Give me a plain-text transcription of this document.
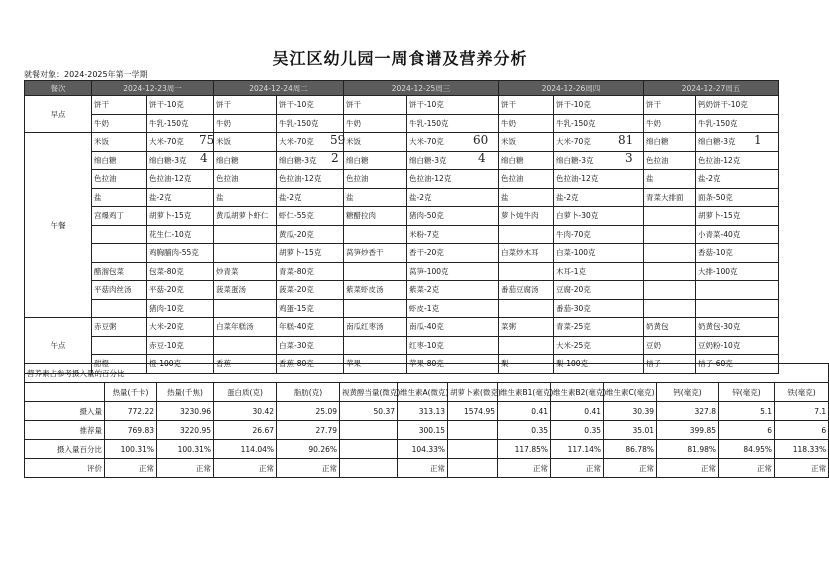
吴江区幼儿园一周食谱及营养分析
就餐对象：2024-2025年第一学期
餐次	2024-12-23周一		2024-12-24周二		2024-12-25周三		2024-12-26周四		2024-12-27周五	
早点	饼干	饼干-10克	饼干	饼干-10克	饼干	饼干-10克	饼干	饼干-10克	饼干	钙奶饼干-10克
	牛奶	牛乳-150克	牛奶	牛乳-150克	牛奶	牛乳-150克	牛奶	牛乳-150克	牛奶	牛乳-150克
午餐	米饭	大米-70克	米饭	大米-70克	米饭	大米-70克	米饭	大米-70克	绵白糖	绵白糖-3克
	绵白糖	绵白糖-3克	绵白糖	绵白糖-3克	绵白糖	绵白糖-3克	绵白糖	绵白糖-3克	色拉油	色拉油-12克
	色拉油	色拉油-12克	色拉油	色拉油-12克	色拉油	色拉油-12克	色拉油	色拉油-12克	盐	盐-2克
	盐	盐-2克	盐	盐-2克	盐	盐-2克	盐	盐-2克	青菜大排面	面条-50克
	宫爆鸡丁	胡萝卜-15克	黄瓜胡萝卜虾仁	虾仁-55克	糖醋拉肉	猪肉-50克	萝卜炖牛肉	白萝卜-30克		胡萝卜-15克
		花生仁-10克		黄瓜-20克		米粉-7克		牛肉-70克		小青菜-40克
		鸡胸脯肉-55克		胡萝卜-15克	莴笋炒香干	香干-20克	白菜炒木耳	白菜-100克		香菇-10克
	醋溜包菜	包菜-80克	炒青菜	青菜-80克		莴笋-100克		木耳-1克		大排-100克
	平菇肉丝汤	平菇-20克	菠菜蛋汤	菠菜-20克	紫菜虾皮汤	紫菜-2克	番茄豆腐汤	豆腐-20克		
		猪肉-10克		鸡蛋-15克		虾皮-1克		番茄-30克		
午点	赤豆粥	大米-20克	白菜年糕汤	年糕-40克	南瓜红枣汤	南瓜-40克	菜粥	青菜-25克	奶黄包	奶黄包-30克
		赤豆-10克		白菜-30克		红枣-10克		大米-25克	豆奶	豆奶粉-10克
	甜橙	橙-100克	香蕉	香蕉-80克	苹果	苹果-80克	梨	梨-100克	桔子	桔子-60克
营养素占参考摄入量的百分比													
	热量(千卡)	热量(千焦)	蛋白质(克)	脂肪(克)	视黄醇当量(微克)	维生素A(微克)	胡萝卜素(微克)	维生素B1(毫克)	维生素B2(毫克)	维生素C(毫克)	钙(毫克)	锌(毫克)	铁(毫克)
摄入量	772.22	3230.96	30.42	25.09	50.37	313.13	1574.95	0.41	0.41	30.39	327.8	5.1	7.1
推荐量	769.83	3220.95	26.67	27.79		300.15		0.35	0.35	35.01	399.85	6	6
摄入量百分比	100.31%	100.31%	114.04%	90.26%		104.33%		117.85%	117.14%	86.78%	81.98%	84.95%	118.33%
评价	正常	正常	正常	正常		正常		正常	正常	正常	正常	正常	正常
75
4
59
2
60
4
81
3
1
